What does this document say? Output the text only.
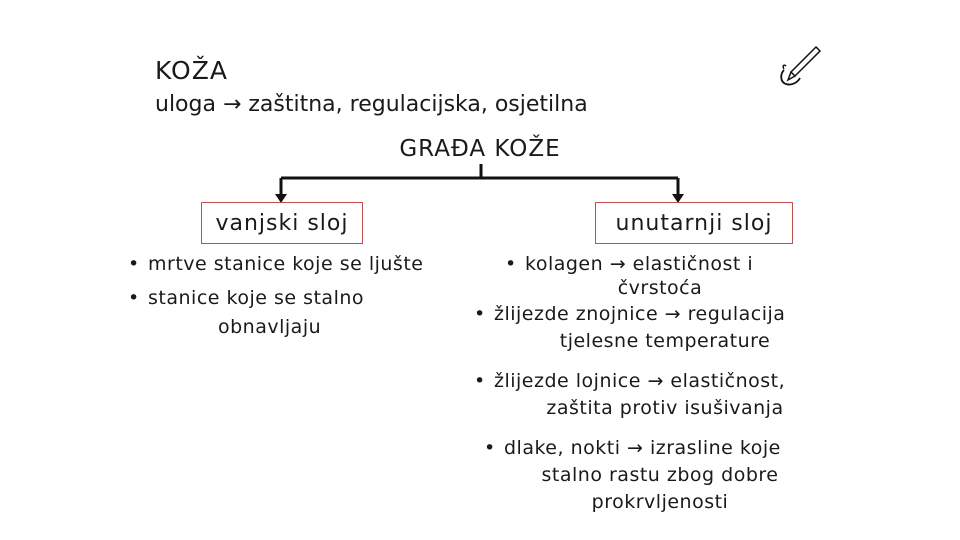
KOŽA
uloga → zaštitna, regulacijska, osjetilna
GRAĐA KOŽE
vanjski sloj	unutarnji sloj
• mrtve stanice koje se ljušte
• stanice koje se stalno
obnavljaju
• kolagen → elastičnost i
čvrstoća
• žlijezde znojnice → regulacija
tjelesne temperature
• žlijezde lojnice → elastičnost,
zaštita protiv isušivanja
• dlake, nokti → izrasline koje
stalno rastu zbog dobre
prokrvljenosti
